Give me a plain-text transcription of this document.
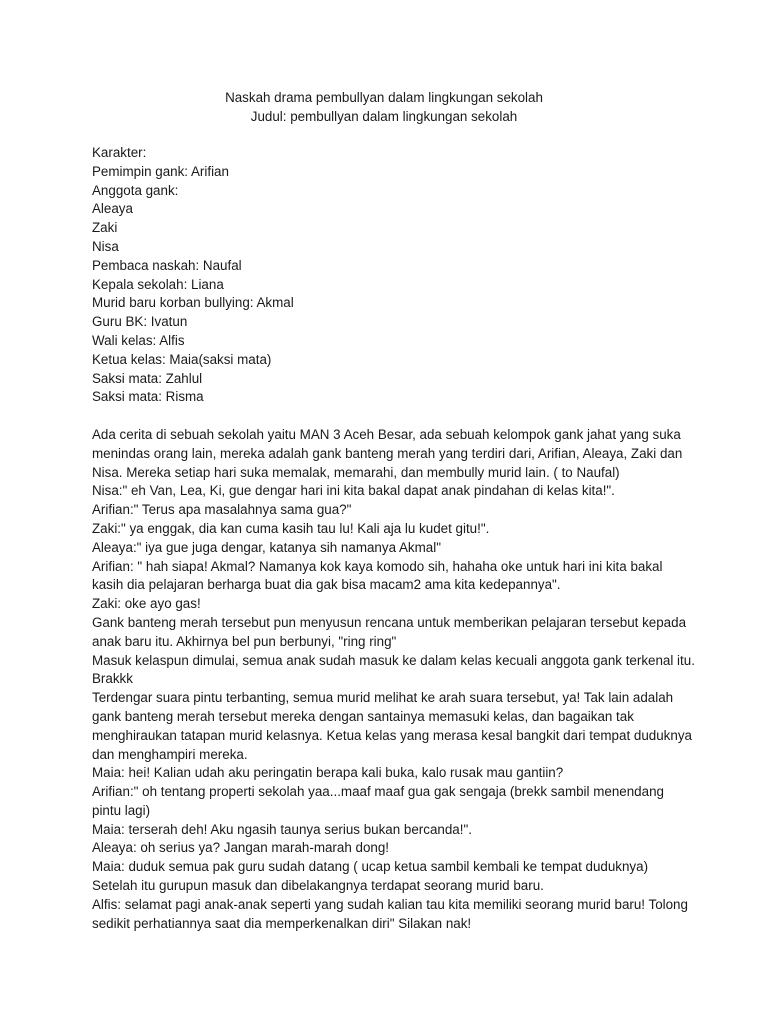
Naskah drama pembullyan dalam lingkungan sekolah
Judul: pembullyan dalam lingkungan sekolah
Karakter:
Pemimpin gank: Arifian
Anggota gank:
Aleaya
Zaki
Nisa
Pembaca naskah: Naufal
Kepala sekolah: Liana
Murid baru korban bullying: Akmal
Guru BK: Ivatun
Wali kelas: Alfis
Ketua kelas: Maia(saksi mata)
Saksi mata: Zahlul
Saksi mata: Risma
Ada cerita di sebuah sekolah yaitu MAN 3 Aceh Besar, ada sebuah kelompok gank jahat yang suka
menindas orang lain, mereka adalah gank banteng merah yang terdiri dari, Arifian, Aleaya, Zaki dan
Nisa. Mereka setiap hari suka memalak, memarahi, dan membully murid lain. ( to Naufal)
Nisa:" eh Van, Lea, Ki, gue dengar hari ini kita bakal dapat anak pindahan di kelas kita!".
Arifian:" Terus apa masalahnya sama gua?"
Zaki:" ya enggak, dia kan cuma kasih tau lu! Kali aja lu kudet gitu!".
Aleaya:" iya gue juga dengar, katanya sih namanya Akmal"
Arifian: " hah siapa! Akmal? Namanya kok kaya komodo sih, hahaha oke untuk hari ini kita bakal
kasih dia pelajaran berharga buat dia gak bisa macam2 ama kita kedepannya".
Zaki: oke ayo gas!
Gank banteng merah tersebut pun menyusun rencana untuk memberikan pelajaran tersebut kepada
anak baru itu. Akhirnya bel pun berbunyi, "ring ring"
Masuk kelaspun dimulai, semua anak sudah masuk ke dalam kelas kecuali anggota gank terkenal itu.
Brakkk
Terdengar suara pintu terbanting, semua murid melihat ke arah suara tersebut, ya! Tak lain adalah
gank banteng merah tersebut mereka dengan santainya memasuki kelas, dan bagaikan tak
menghiraukan tatapan murid kelasnya. Ketua kelas yang merasa kesal bangkit dari tempat duduknya
dan menghampiri mereka.
Maia: hei! Kalian udah aku peringatin berapa kali buka, kalo rusak mau gantiin?
Arifian:" oh tentang properti sekolah yaa...maaf maaf gua gak sengaja (brekk sambil menendang
pintu lagi)
Maia: terserah deh! Aku ngasih taunya serius bukan bercanda!".
Aleaya: oh serius ya? Jangan marah-marah dong!
Maia: duduk semua pak guru sudah datang ( ucap ketua sambil kembali ke tempat duduknya)
Setelah itu gurupun masuk dan dibelakangnya terdapat seorang murid baru.
Alfis: selamat pagi anak-anak seperti yang sudah kalian tau kita memiliki seorang murid baru! Tolong
sedikit perhatiannya saat dia memperkenalkan diri" Silakan nak!
